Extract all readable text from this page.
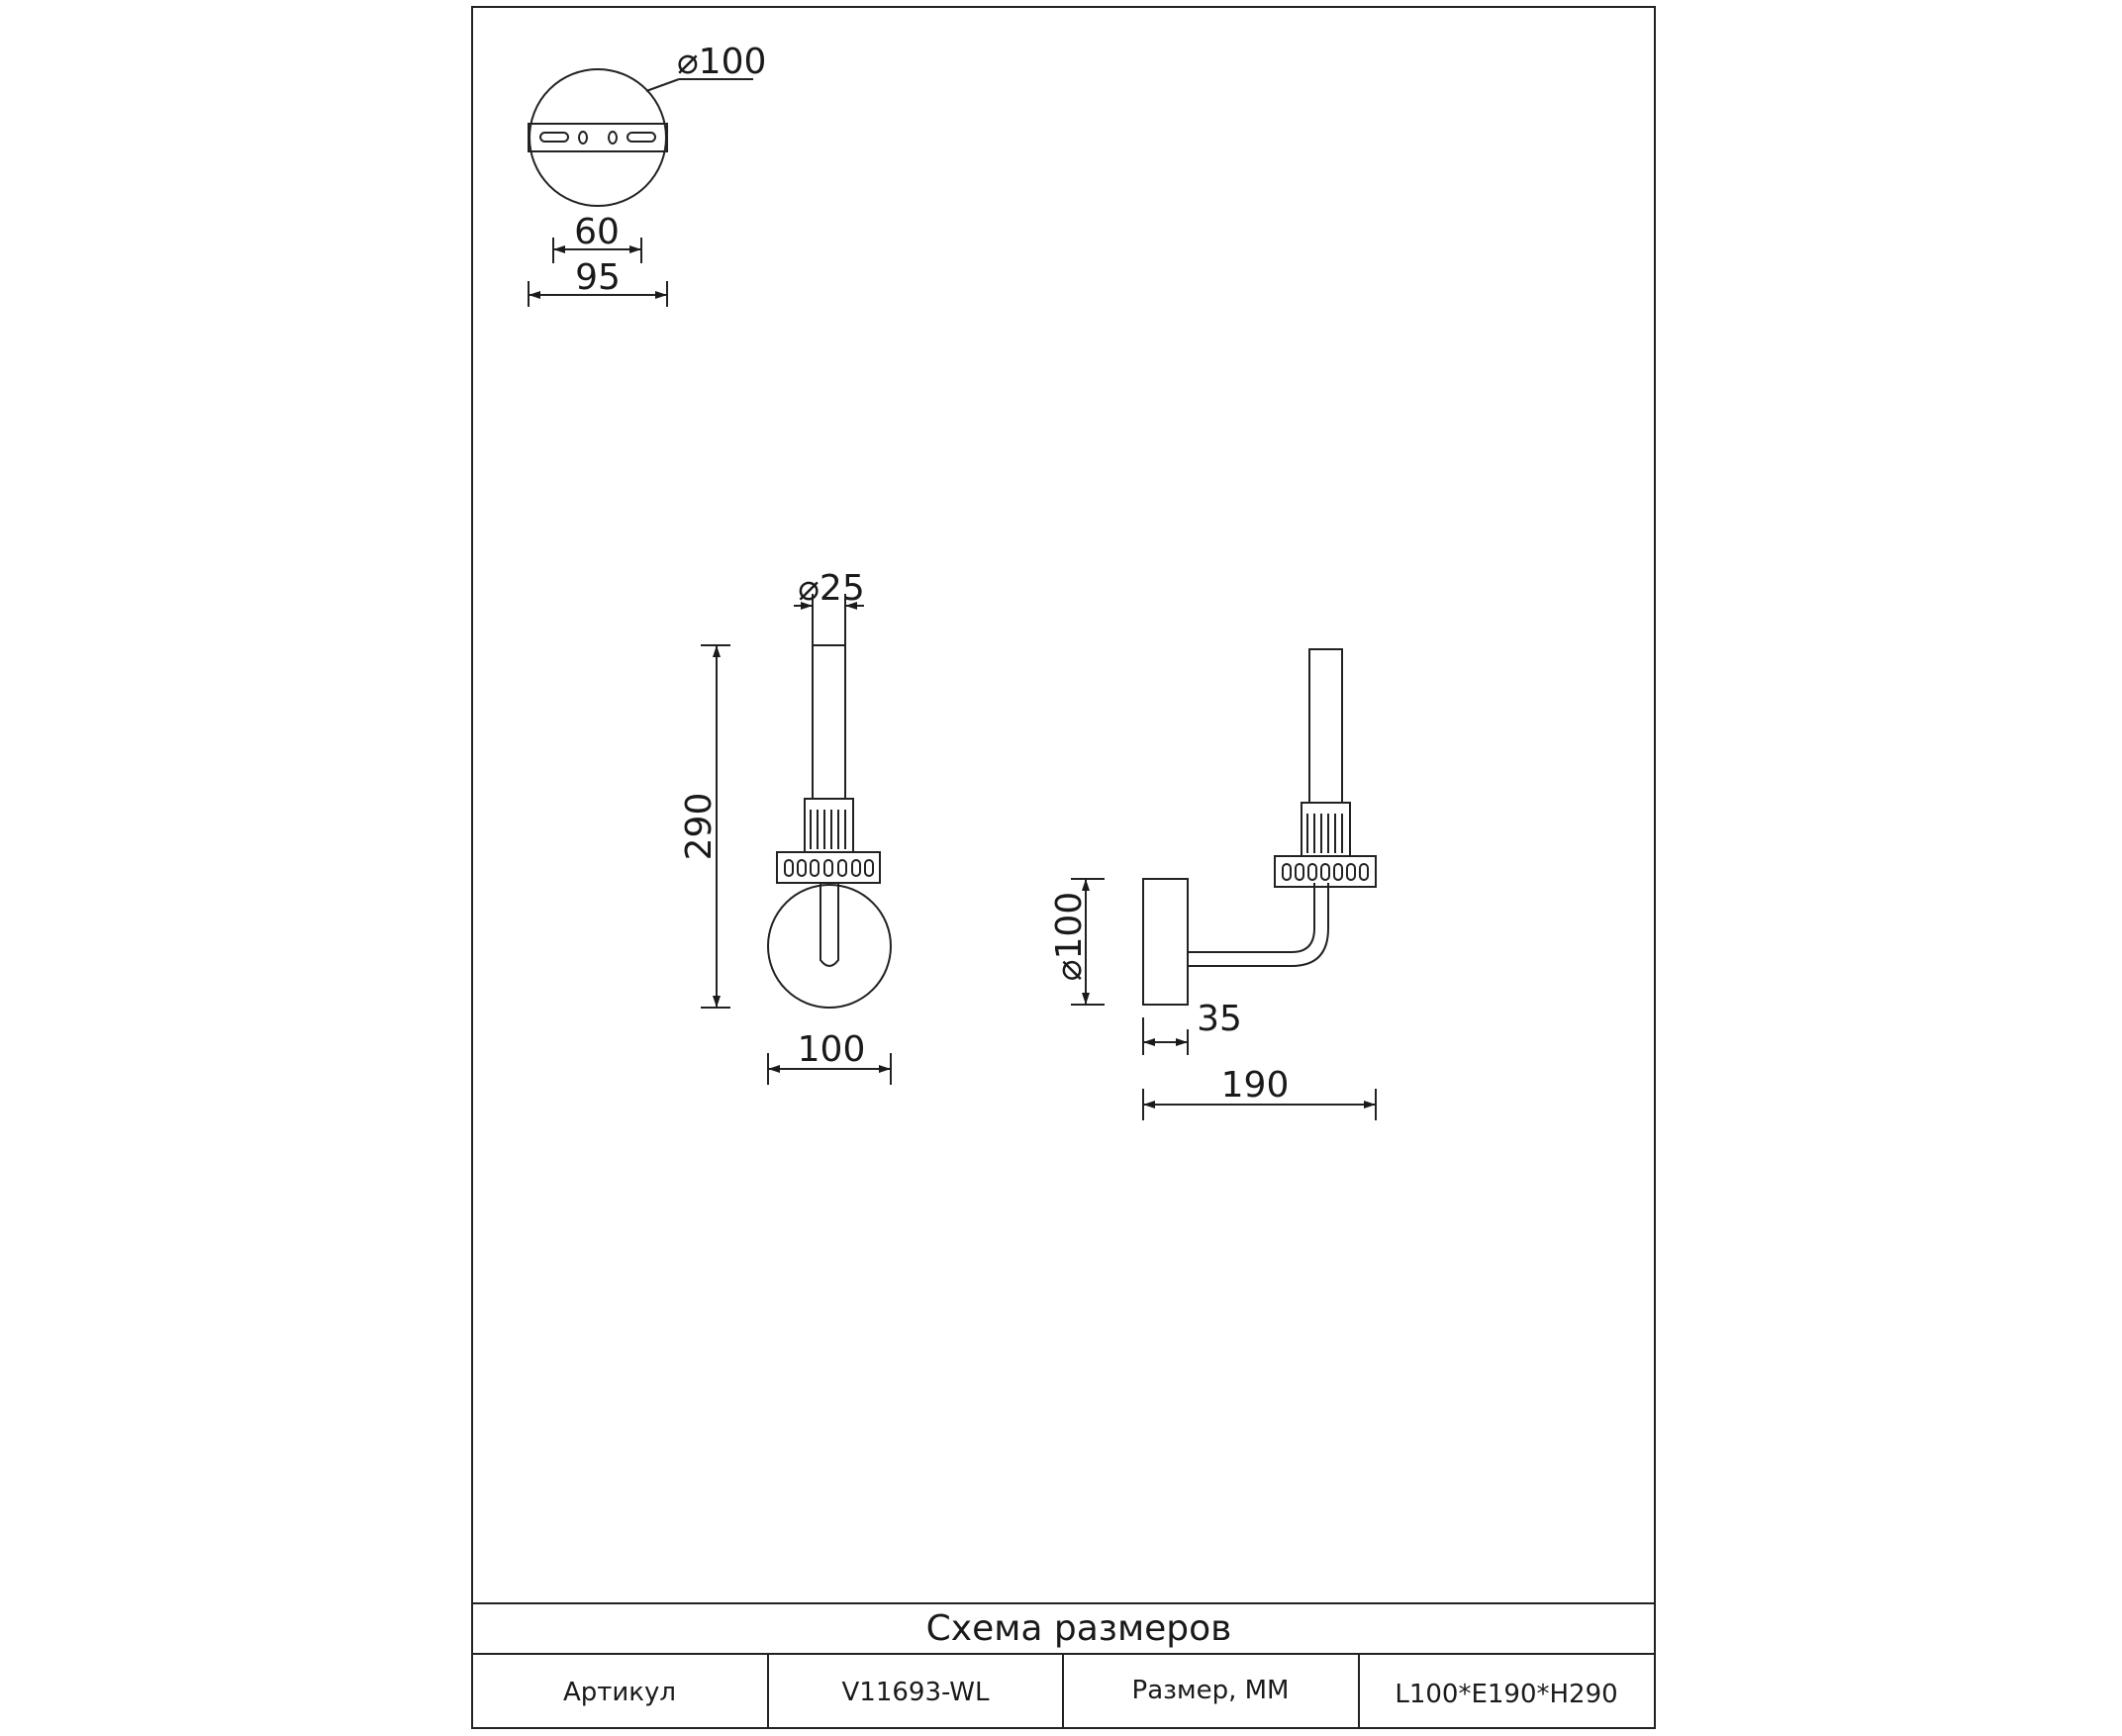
⌀100
60
95
⌀25
290
100
⌀100
35
190
Схема размеров
Артикул	V11693-WL	Размер, ММ	L100*E190*H290
